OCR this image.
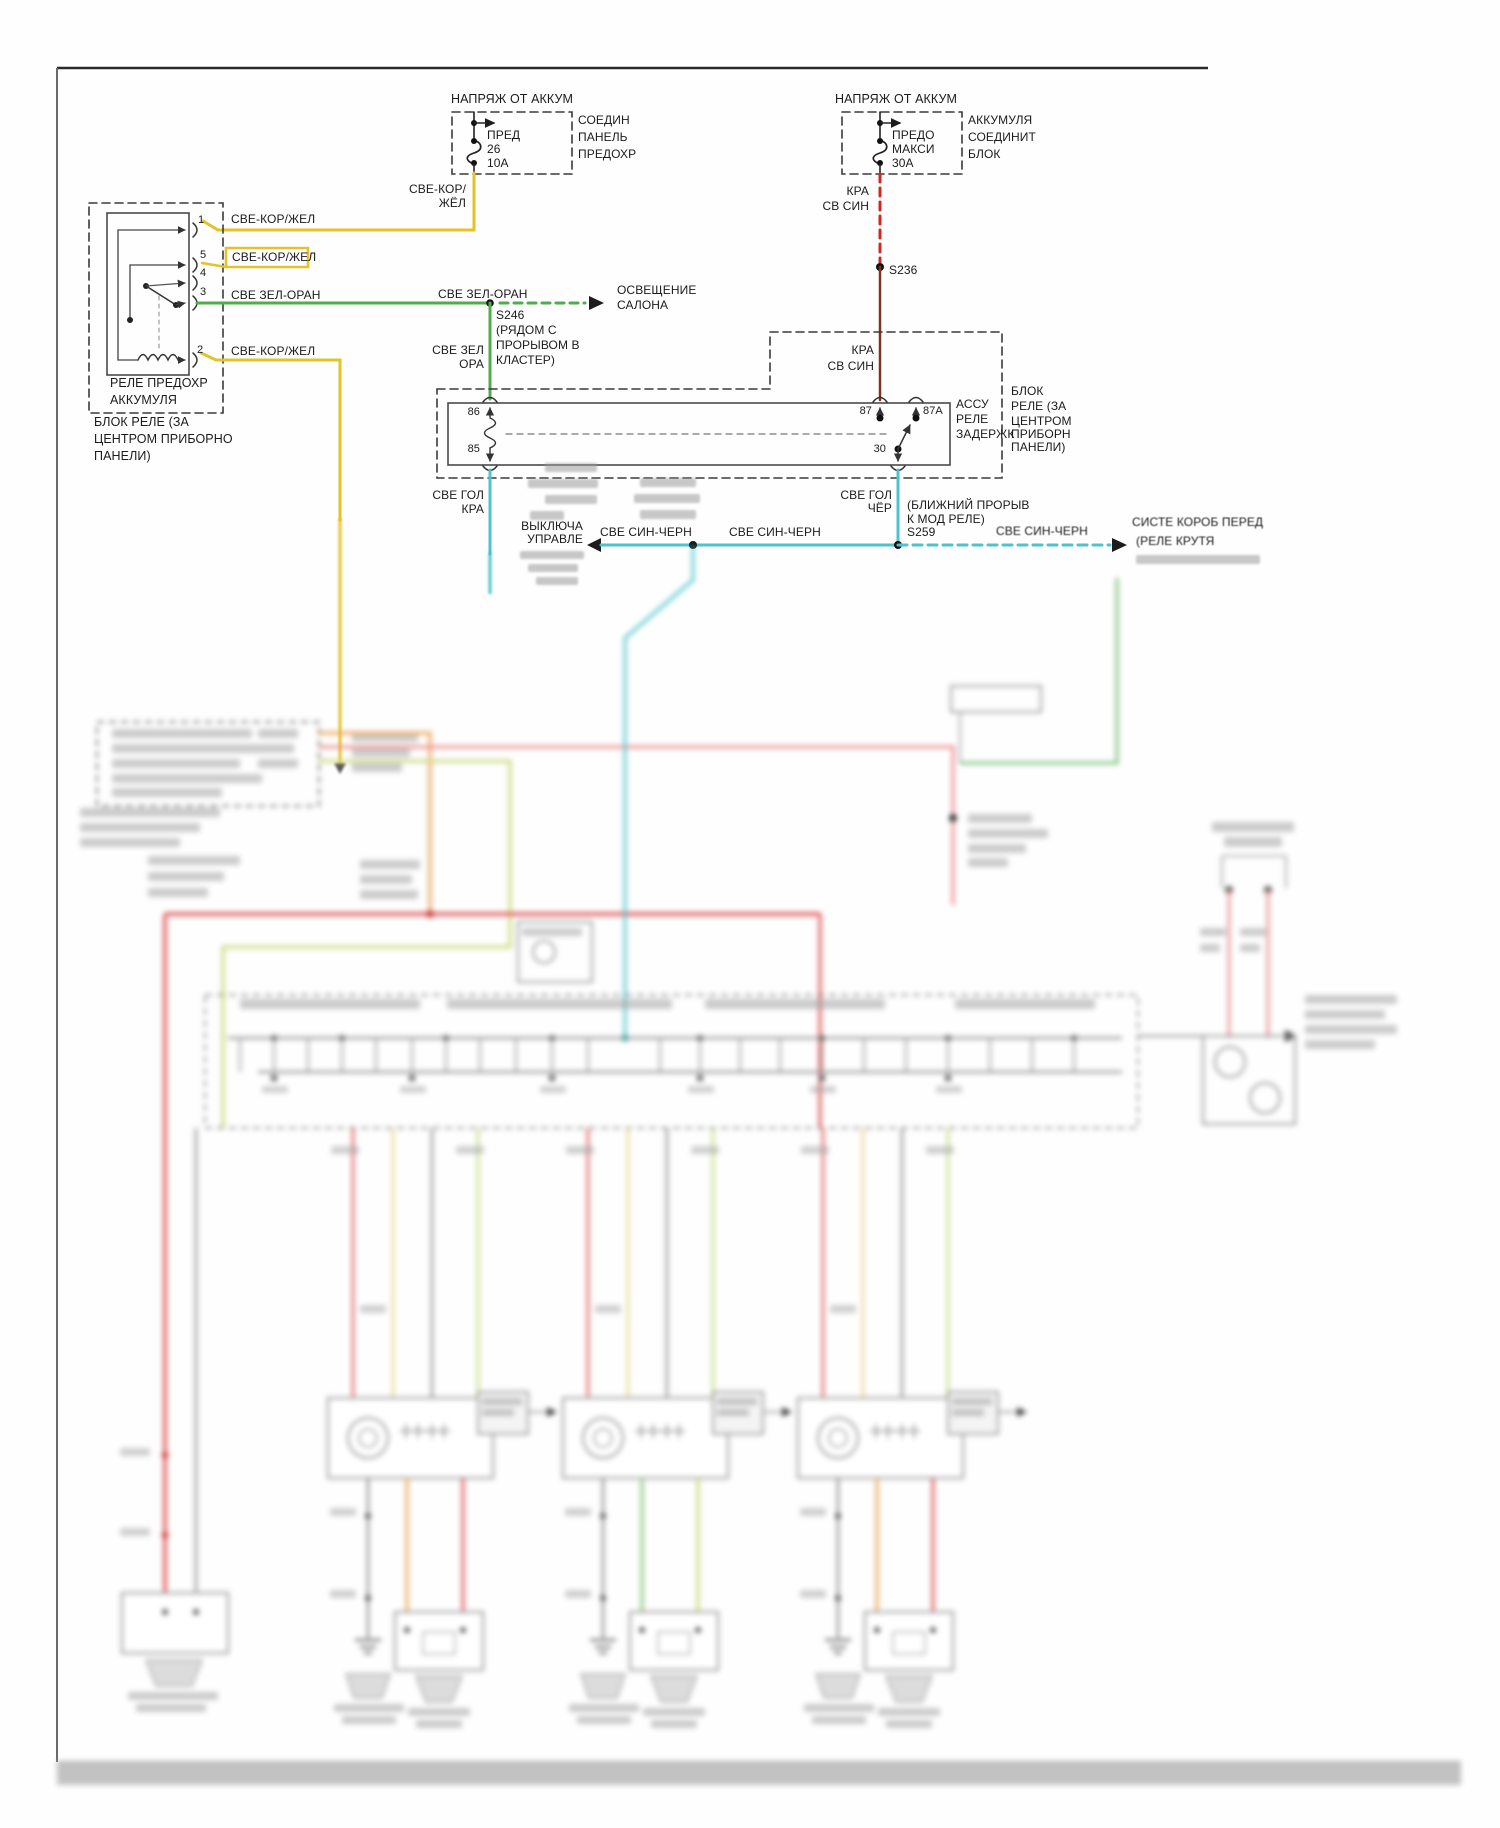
НАПРЯЖ ОТ АККУМ
СОЕДИН
ПАНЕЛЬ
ПРЕДОХР
ПРЕД
26
10A
СВЕ-КОР/
ЖЁЛ
НАПРЯЖ ОТ АККУМ
АККУМУЛЯ
СОЕДИНИТ
БЛОК
ПРЕДО
МАКСИ
30A
КРА
СВ СИН
S236
КРА
СВ СИН
1
5
4
3
2
СВЕ-КОР/ЖЕЛ
СВЕ-КОР/ЖЕЛ
СВЕ ЗЕЛ-ОРАН
СВЕ-КОР/ЖЕЛ
РЕЛЕ ПРЕДОХР
АККУМУЛЯ
БЛОК РЕЛЕ (ЗА
ЦЕНТРОМ ПРИБОРНО
ПАНЕЛИ)
СВЕ ЗЕЛ-ОРАН	ОСВЕЩЕНИЕ
САЛОНА
S246
(РЯДОМ С
ПРОРЫВОМ В
КЛАСТЕР)
СВЕ ЗЕЛ
ОРА
86
85
87	87A
30
АССУ
РЕЛЕ
ЗАДЕРЖК
БЛОК
РЕЛЕ (ЗА
ЦЕНТРОМ
ПРИБОРН
ПАНЕЛИ)
СВЕ ГОЛ
КРА
СВЕ ГОЛ
ЧЁР (БЛИЖНИЙ ПРОРЫВ
К МОД РЕЛЕ)
S259
ВЫКЛЮЧА
УПРАВЛЕ СВЕ СИН-ЧЕРН	СВЕ СИН-ЧЕРН	СВЕ СИН-ЧЕРН
СИСТЕ КОРОБ ПЕРЕД
(РЕЛЕ КРУТЯ
